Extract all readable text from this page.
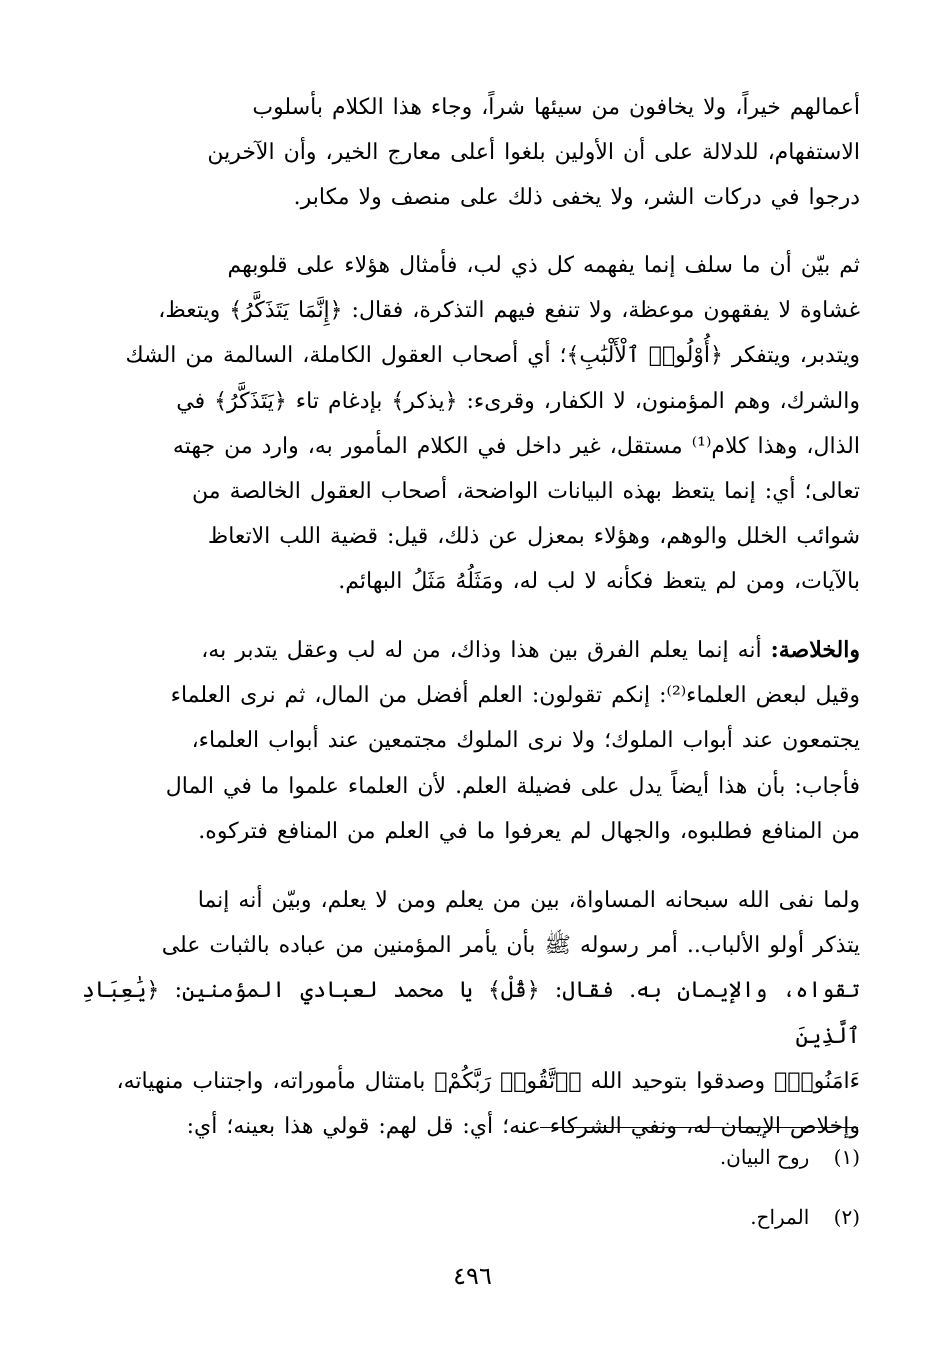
أعمالهم خيراً، ولا يخافون من سيئها شراً، وجاء هذا الكلام بأسلوب
الاستفهام، للدلالة على أن الأولين بلغوا أعلى معارج الخير، وأن الآخرين
درجوا في دركات الشر، ولا يخفى ذلك على منصف ولا مكابر.
ثم بيّن أن ما سلف إنما يفهمه كل ذي لب، فأمثال هؤلاء على قلوبهم
غشاوة لا يفقهون موعظة، ولا تنفع فيهم التذكرة، فقال: ﴿إِنَّمَا يَتَذَكَّرُ﴾ ويتعظ،
ويتدبر، ويتفكر ﴿أُوْلُوا۟ ٱلْأَلْبَٰبِ﴾؛ أي أصحاب العقول الكاملة، السالمة من الشك
والشرك، وهم المؤمنون، لا الكفار، وقرىء: ﴿يذكر﴾ بإدغام تاء ﴿يَتَذَكَّرُ﴾ في
الذال، وهذا كلام⁽¹⁾ مستقل، غير داخل في الكلام المأمور به، وارد من جهته
تعالى؛ أي: إنما يتعظ بهذه البيانات الواضحة، أصحاب العقول الخالصة من
شوائب الخلل والوهم، وهؤلاء بمعزل عن ذلك، قيل: قضية اللب الاتعاظ
بالآيات، ومن لم يتعظ فكأنه لا لب له، ومَثَلُهُ مَثَلُ البهائم.
والخلاصة: أنه إنما يعلم الفرق بين هذا وذاك، من له لب وعقل يتدبر به،
وقيل لبعض العلماء⁽²⁾: إنكم تقولون: العلم أفضل من المال، ثم نرى العلماء
يجتمعون عند أبواب الملوك؛ ولا نرى الملوك مجتمعين عند أبواب العلماء،
فأجاب: بأن هذا أيضاً يدل على فضيلة العلم. لأن العلماء علموا ما في المال
من المنافع فطلبوه، والجهال لم يعرفوا ما في العلم من المنافع فتركوه.
ولما نفى الله سبحانه المساواة، بين من يعلم ومن لا يعلم، وبيّن أنه إنما
يتذكر أولو الألباب.. أمر رسوله ﷺ بأن يأمر المؤمنين من عباده بالثبات على
تقواه، والإيمان به. فقال: ﴿قُلْ﴾ يا محمد لعبادي المؤمنين: ﴿يَٰعِبَادِ ٱلَّذِينَ
ءَامَنُوا۟﴾ وصدقوا بتوحيد الله ﴿ٱتَّقُوا۟ رَبَّكُمْ﴾ بامتثال مأموراته، واجتناب منهياته،
وإخلاص الإيمان له، ونفي الشركاء عنه؛ أي: قل لهم: قولي هذا بعينه؛ أي:
(١) روح البيان.
(٢) المراح.
٤٩٦
